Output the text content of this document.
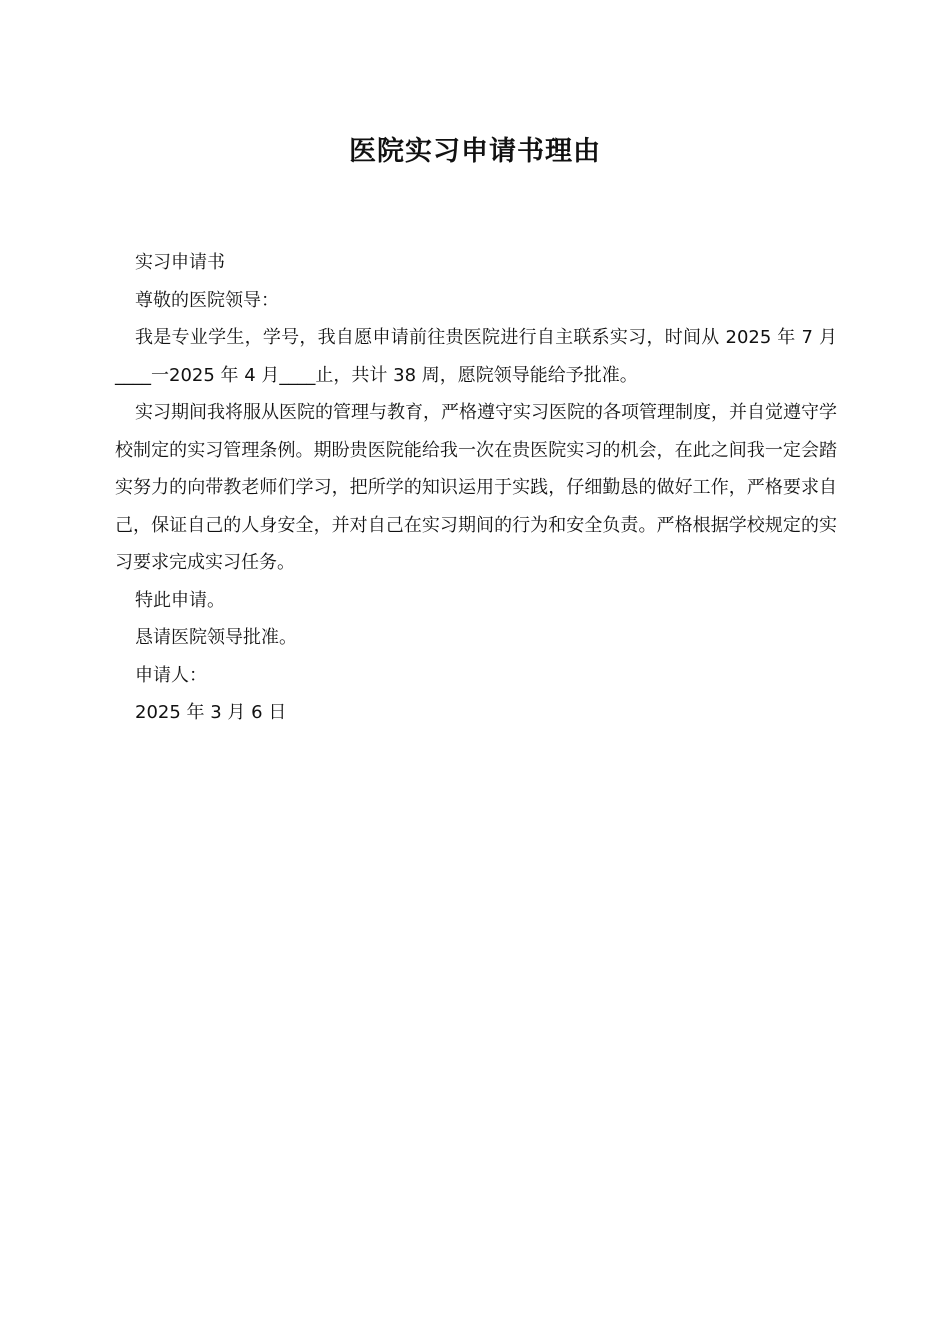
医院实习申请书理由

实习申请书

尊敬的医院领导：

我是专业学生，学号，我自愿申请前往贵医院进行自主联系实习，时间从 2025 年 7 月____一2025 年 4 月____止，共计 38 周，愿院领导能给予批准。

实习期间我将服从医院的管理与教育，严格遵守实习医院的各项管理制度，并自觉遵守学校制定的实习管理条例。期盼贵医院能给我一次在贵医院实习的机会，在此之间我一定会踏实努力的向带教老师们学习，把所学的知识运用于实践，仔细勤恳的做好工作，严格要求自己，保证自己的人身安全，并对自己在实习期间的行为和安全负责。严格根据学校规定的实习要求完成实习任务。

特此申请。

恳请医院领导批准。

申请人：

2025 年 3 月 6 日
